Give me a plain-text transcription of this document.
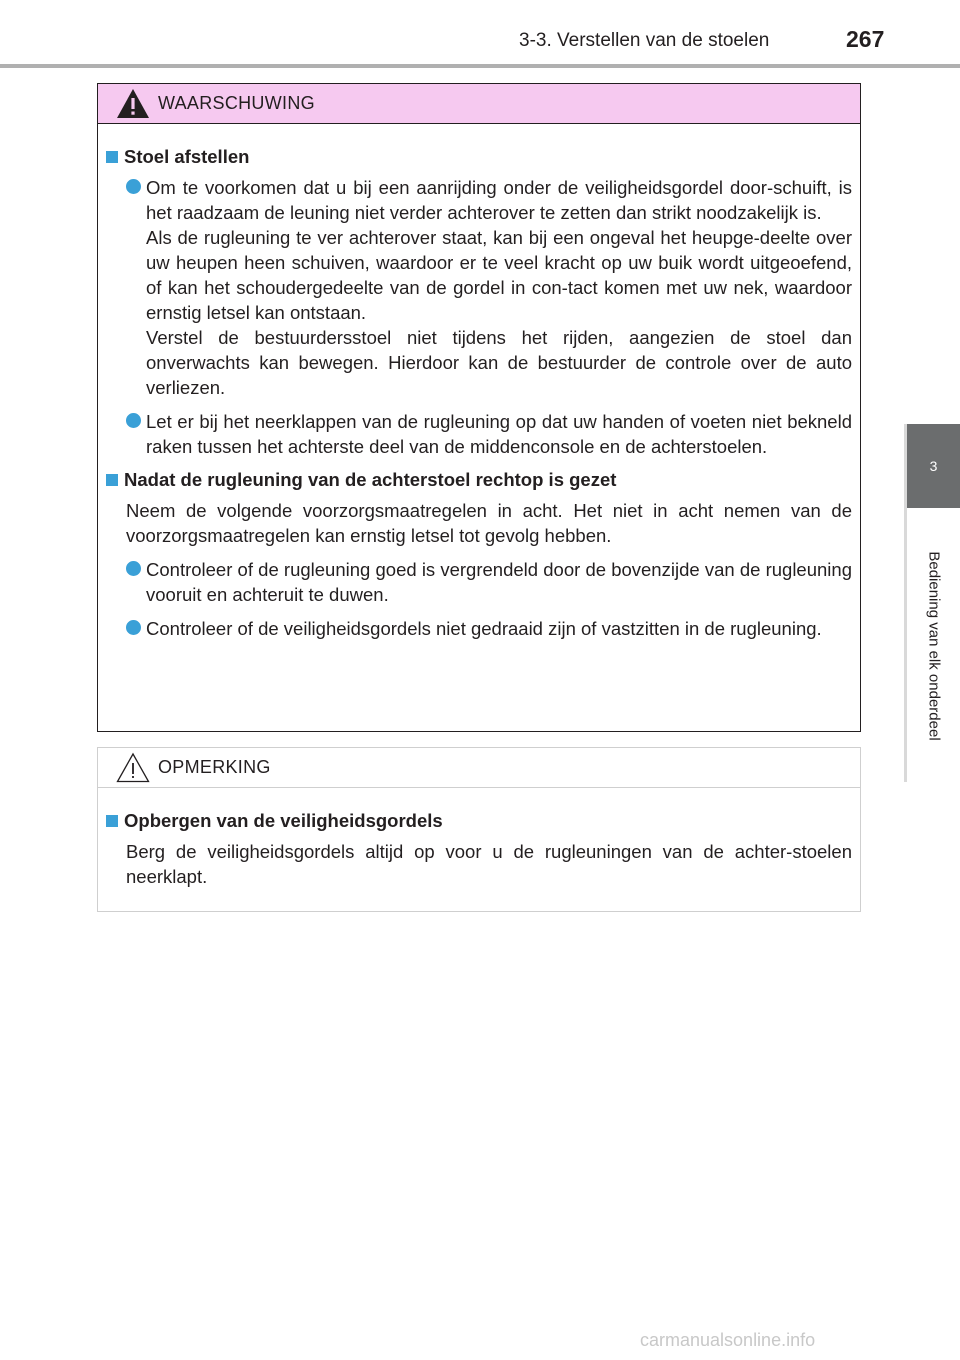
3-3. Verstellen van de stoelen	267
3
Bediening van elk onderdeel
WAARSCHUWING
Stoel afstellen
Om te voorkomen dat u bij een aanrijding onder de veiligheidsgordel door-schuift, is het raadzaam de leuning niet verder achterover te zetten dan strikt noodzakelijk is.
Als de rugleuning te ver achterover staat, kan bij een ongeval het heupge-deelte over uw heupen heen schuiven, waardoor er te veel kracht op uw buik wordt uitgeoefend, of kan het schoudergedeelte van de gordel in con-tact komen met uw nek, waardoor ernstig letsel kan ontstaan.
Verstel de bestuurdersstoel niet tijdens het rijden, aangezien de stoel dan onverwachts kan bewegen. Hierdoor kan de bestuurder de controle over de auto verliezen.
Let er bij het neerklappen van de rugleuning op dat uw handen of voeten niet bekneld raken tussen het achterste deel van de middenconsole en de achterstoelen.
Nadat de rugleuning van de achterstoel rechtop is gezet
Neem de volgende voorzorgsmaatregelen in acht. Het niet in acht nemen van de voorzorgsmaatregelen kan ernstig letsel tot gevolg hebben.
Controleer of de rugleuning goed is vergrendeld door de bovenzijde van de rugleuning vooruit en achteruit te duwen.
Controleer of de veiligheidsgordels niet gedraaid zijn of vastzitten in de rugleuning.
OPMERKING
Opbergen van de veiligheidsgordels
Berg de veiligheidsgordels altijd op voor u de rugleuningen van de achter-stoelen neerklapt.
carmanualsonline.info
